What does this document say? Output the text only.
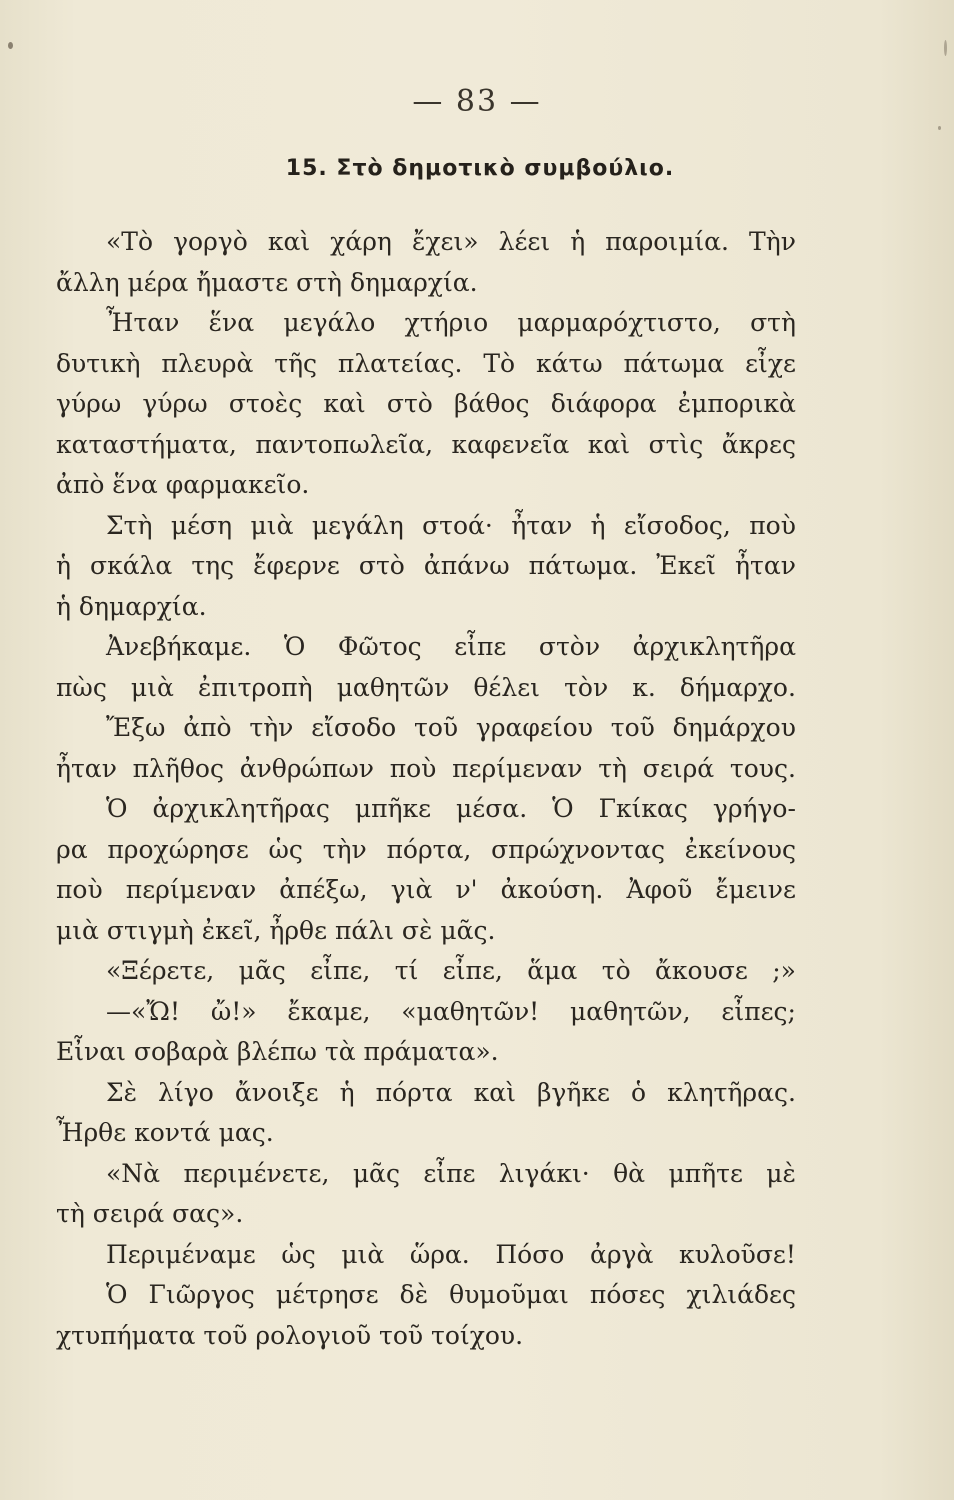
— 83 —
15. Στὸ δημοτικὸ συμβούλιο.
«Τὸ γοργὸ καὶ χάρη ἔχει» λέει ἡ παροιμία. Τὴν
ἄλλη μέρα ἤμαστε στὴ δημαρχία.
Ἦταν ἕνα μεγάλο χτήριο μαρμαρόχτιστο, στὴ
δυτικὴ πλευρὰ τῆς πλατείας. Τὸ κάτω πάτωμα εἶχε
γύρω γύρω στοὲς καὶ στὸ βάθος διάφορα ἐμπορικὰ
καταστήματα, παντοπωλεῖα, καφενεῖα καὶ στὶς ἄκρες
ἀπὸ ἕνα φαρμακεῖο.
Στὴ μέση μιὰ μεγάλη στοά· ἦταν ἡ εἴσοδος, ποὺ
ἡ σκάλα της ἔφερνε στὸ ἀπάνω πάτωμα. Ἐκεῖ ἦταν
ἡ δημαρχία.
Ἀνεβήκαμε. Ὁ Φῶτος εἶπε στὸν ἀρχικλητῆρα
πὼς μιὰ ἐπιτροπὴ μαθητῶν θέλει τὸν κ. δήμαρχο.
Ἔξω ἀπὸ τὴν εἴσοδο τοῦ γραφείου τοῦ δημάρχου
ἦταν πλῆθος ἀνθρώπων ποὺ περίμεναν τὴ σειρά τους.
Ὁ ἀρχικλητῆρας μπῆκε μέσα. Ὁ Γκίκας γρήγο-
ρα προχώρησε ὡς τὴν πόρτα, σπρώχνοντας ἐκείνους
ποὺ περίμεναν ἀπέξω, γιὰ ν' ἀκούση. Ἀφοῦ ἔμεινε
μιὰ στιγμὴ ἐκεῖ, ἦρθε πάλι σὲ μᾶς.
«Ξέρετε, μᾶς εἶπε, τί εἶπε, ἅμα τὸ ἄκουσε ;»
—«Ὤ! ὤ!» ἔκαμε, «μαθητῶν! μαθητῶν, εἶπες;
Εἶναι σοβαρὰ βλέπω τὰ πράματα».
Σὲ λίγο ἄνοιξε ἡ πόρτα καὶ βγῆκε ὁ κλητῆρας.
Ἦρθε κοντά μας.
«Νὰ περιμένετε, μᾶς εἶπε λιγάκι· θὰ μπῆτε μὲ
τὴ σειρά σας».
Περιμέναμε ὡς μιὰ ὥρα. Πόσο ἀργὰ κυλοῦσε!
Ὁ Γιῶργος μέτρησε δὲ θυμοῦμαι πόσες χιλιάδες
χτυπήματα τοῦ ρολογιοῦ τοῦ τοίχου.
